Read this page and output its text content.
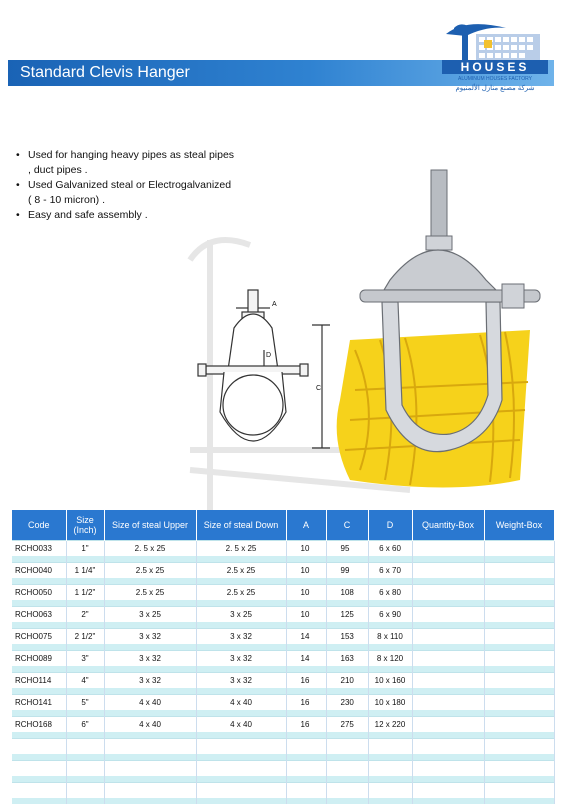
Standard Clevis Hanger	HOUSES
ALUMINUM HOUSES FACTORY
شركة مصنع منازل الألمنيوم
• Used for hanging heavy pipes as steal pipes
, duct pipes .
• Used Galvanized steal or Electrogalvanized
( 8 - 10 micron) .
• Easy and safe assembly .
A
C
D
Code	Size (Inch)	Size of steal Upper	Size of steal Down	A	C	D	Quantity-Box	Weight-Box
RCHO033	1"	2. 5 x 25	2. 5 x 25	10	95	6 x 60		

RCHO040	1 1/4"	2.5 x 25	2.5 x 25	10	99	6 x 70		

RCHO050	1 1/2"	2.5 x 25	2.5 x 25	10	108	6 x 80		

RCHO063	2"	3 x 25	3 x 25	10	125	6 x 90		

RCHO075	2 1/2"	3 x 32	3 x 32	14	153	8 x 110		

RCHO089	3"	3 x 32	3 x 32	14	163	8 x 120		

RCHO114	4"	3 x 32	3 x 32	16	210	10 x 160		

RCHO141	5"	4 x 40	4 x 40	16	230	10 x 180		

RCHO168	6"	4 x 40	4 x 40	16	275	12 x 220		
